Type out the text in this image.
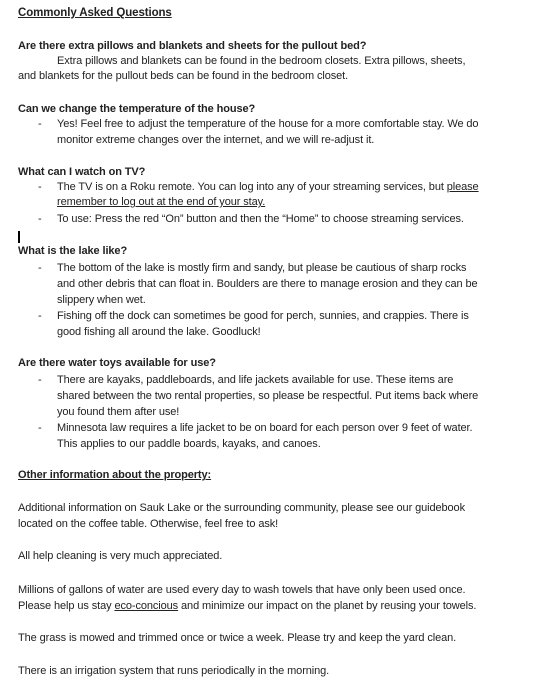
Commonly Asked Questions
Are there extra pillows and blankets and sheets for the pullout bed?
Extra pillows and blankets can be found in the bedroom closets. Extra pillows, sheets,
and blankets for the pullout beds can be found in the bedroom closet.
Can we change the temperature of the house?
- Yes! Feel free to adjust the temperature of the house for a more comfortable stay. We do
monitor extreme changes over the internet, and we will re-adjust it.
What can I watch on TV?
- The TV is on a Roku remote. You can log into any of your streaming services, but please
remember to log out at the end of your stay.
- To use: Press the red “On” button and then the “Home” to choose streaming services.
What is the lake like?
- The bottom of the lake is mostly firm and sandy, but please be cautious of sharp rocks
and other debris that can float in. Boulders are there to manage erosion and they can be
slippery when wet.
- Fishing off the dock can sometimes be good for perch, sunnies, and crappies. There is
good fishing all around the lake. Goodluck!
Are there water toys available for use?
- There are kayaks, paddleboards, and life jackets available for use. These items are
shared between the two rental properties, so please be respectful. Put items back where
you found them after use!
- Minnesota law requires a life jacket to be on board for each person over 9 feet of water.
This applies to our paddle boards, kayaks, and canoes.
Other information about the property:
Additional information on Sauk Lake or the surrounding community, please see our guidebook
located on the coffee table. Otherwise, feel free to ask!
All help cleaning is very much appreciated.
Millions of gallons of water are used every day to wash towels that have only been used once.
Please help us stay eco-concious and minimize our impact on the planet by reusing your towels.
The grass is mowed and trimmed once or twice a week. Please try and keep the yard clean.
There is an irrigation system that runs periodically in the morning.
